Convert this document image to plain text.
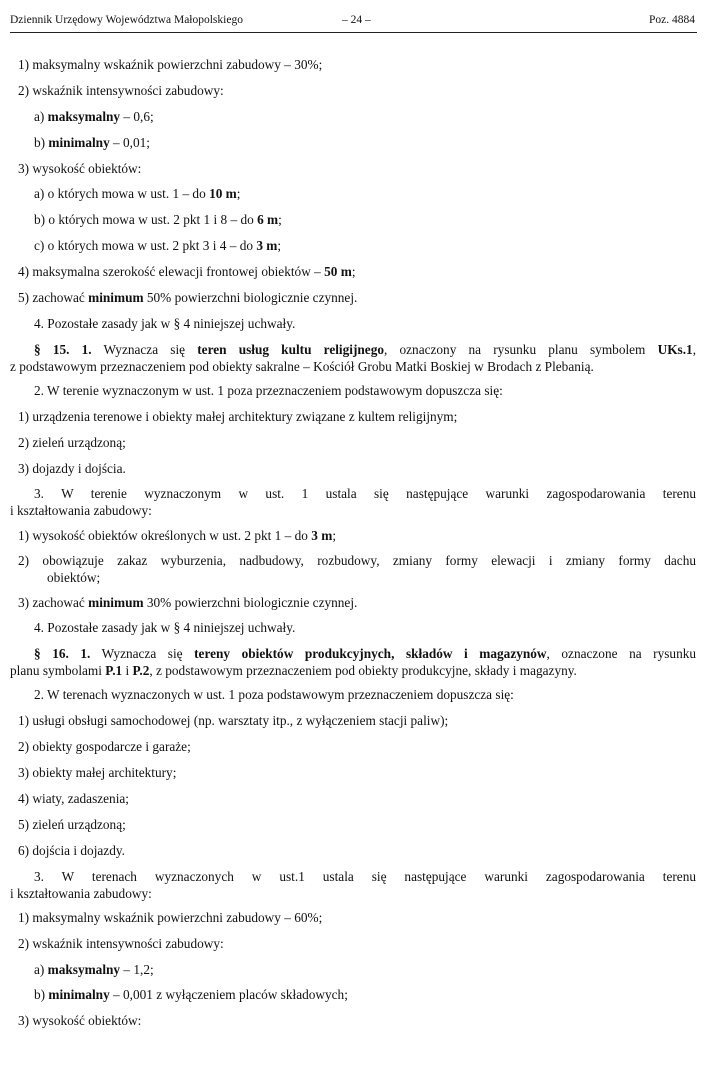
Dziennik Urzędowy Województwa Małopolskiego	– 24 –	Poz. 4884
1) maksymalny wskaźnik powierzchni zabudowy – 30%;
2) wskaźnik intensywności zabudowy:
a) maksymalny – 0,6;
b) minimalny – 0,01;
3) wysokość obiektów:
a) o których mowa w ust. 1 – do 10 m;
b) o których mowa w ust. 2 pkt 1 i 8 – do 6 m;
c) o których mowa w ust. 2 pkt 3 i 4 – do 3 m;
4) maksymalna szerokość elewacji frontowej obiektów – 50 m;
5) zachować minimum 50% powierzchni biologicznie czynnej.
4. Pozostałe zasady jak w § 4 niniejszej uchwały.
§ 15. 1. Wyznacza się teren usług kultu religijnego, oznaczony na rysunku planu symbolem UKs.1,
z podstawowym przeznaczeniem pod obiekty sakralne – Kościół Grobu Matki Boskiej w Brodach z Plebanią.
2. W terenie wyznaczonym w ust. 1 poza przeznaczeniem podstawowym dopuszcza się:
1) urządzenia terenowe i obiekty małej architektury związane z kultem religijnym;
2) zieleń urządzoną;
3) dojazdy i dojścia.
3. W terenie wyznaczonym w ust. 1 ustala się następujące warunki zagospodarowania terenu
i kształtowania zabudowy:
1) wysokość obiektów określonych w ust. 2 pkt 1 – do 3 m;
2) obowiązuje zakaz wyburzenia, nadbudowy, rozbudowy, zmiany formy elewacji i zmiany formy dachu
obiektów;
3) zachować minimum 30% powierzchni biologicznie czynnej.
4. Pozostałe zasady jak w § 4 niniejszej uchwały.
§ 16. 1. Wyznacza się tereny obiektów produkcyjnych, składów i magazynów, oznaczone na rysunku
planu symbolami P.1 i P.2, z podstawowym przeznaczeniem pod obiekty produkcyjne, składy i magazyny.
2. W terenach wyznaczonych w ust. 1 poza podstawowym przeznaczeniem dopuszcza się:
1) usługi obsługi samochodowej (np. warsztaty itp., z wyłączeniem stacji paliw);
2) obiekty gospodarcze i garaże;
3) obiekty małej architektury;
4) wiaty, zadaszenia;
5) zieleń urządzoną;
6) dojścia i dojazdy.
3. W terenach wyznaczonych w ust.1 ustala się następujące warunki zagospodarowania terenu
i kształtowania zabudowy:
1) maksymalny wskaźnik powierzchni zabudowy – 60%;
2) wskaźnik intensywności zabudowy:
a) maksymalny – 1,2;
b) minimalny – 0,001 z wyłączeniem placów składowych;
3) wysokość obiektów:
